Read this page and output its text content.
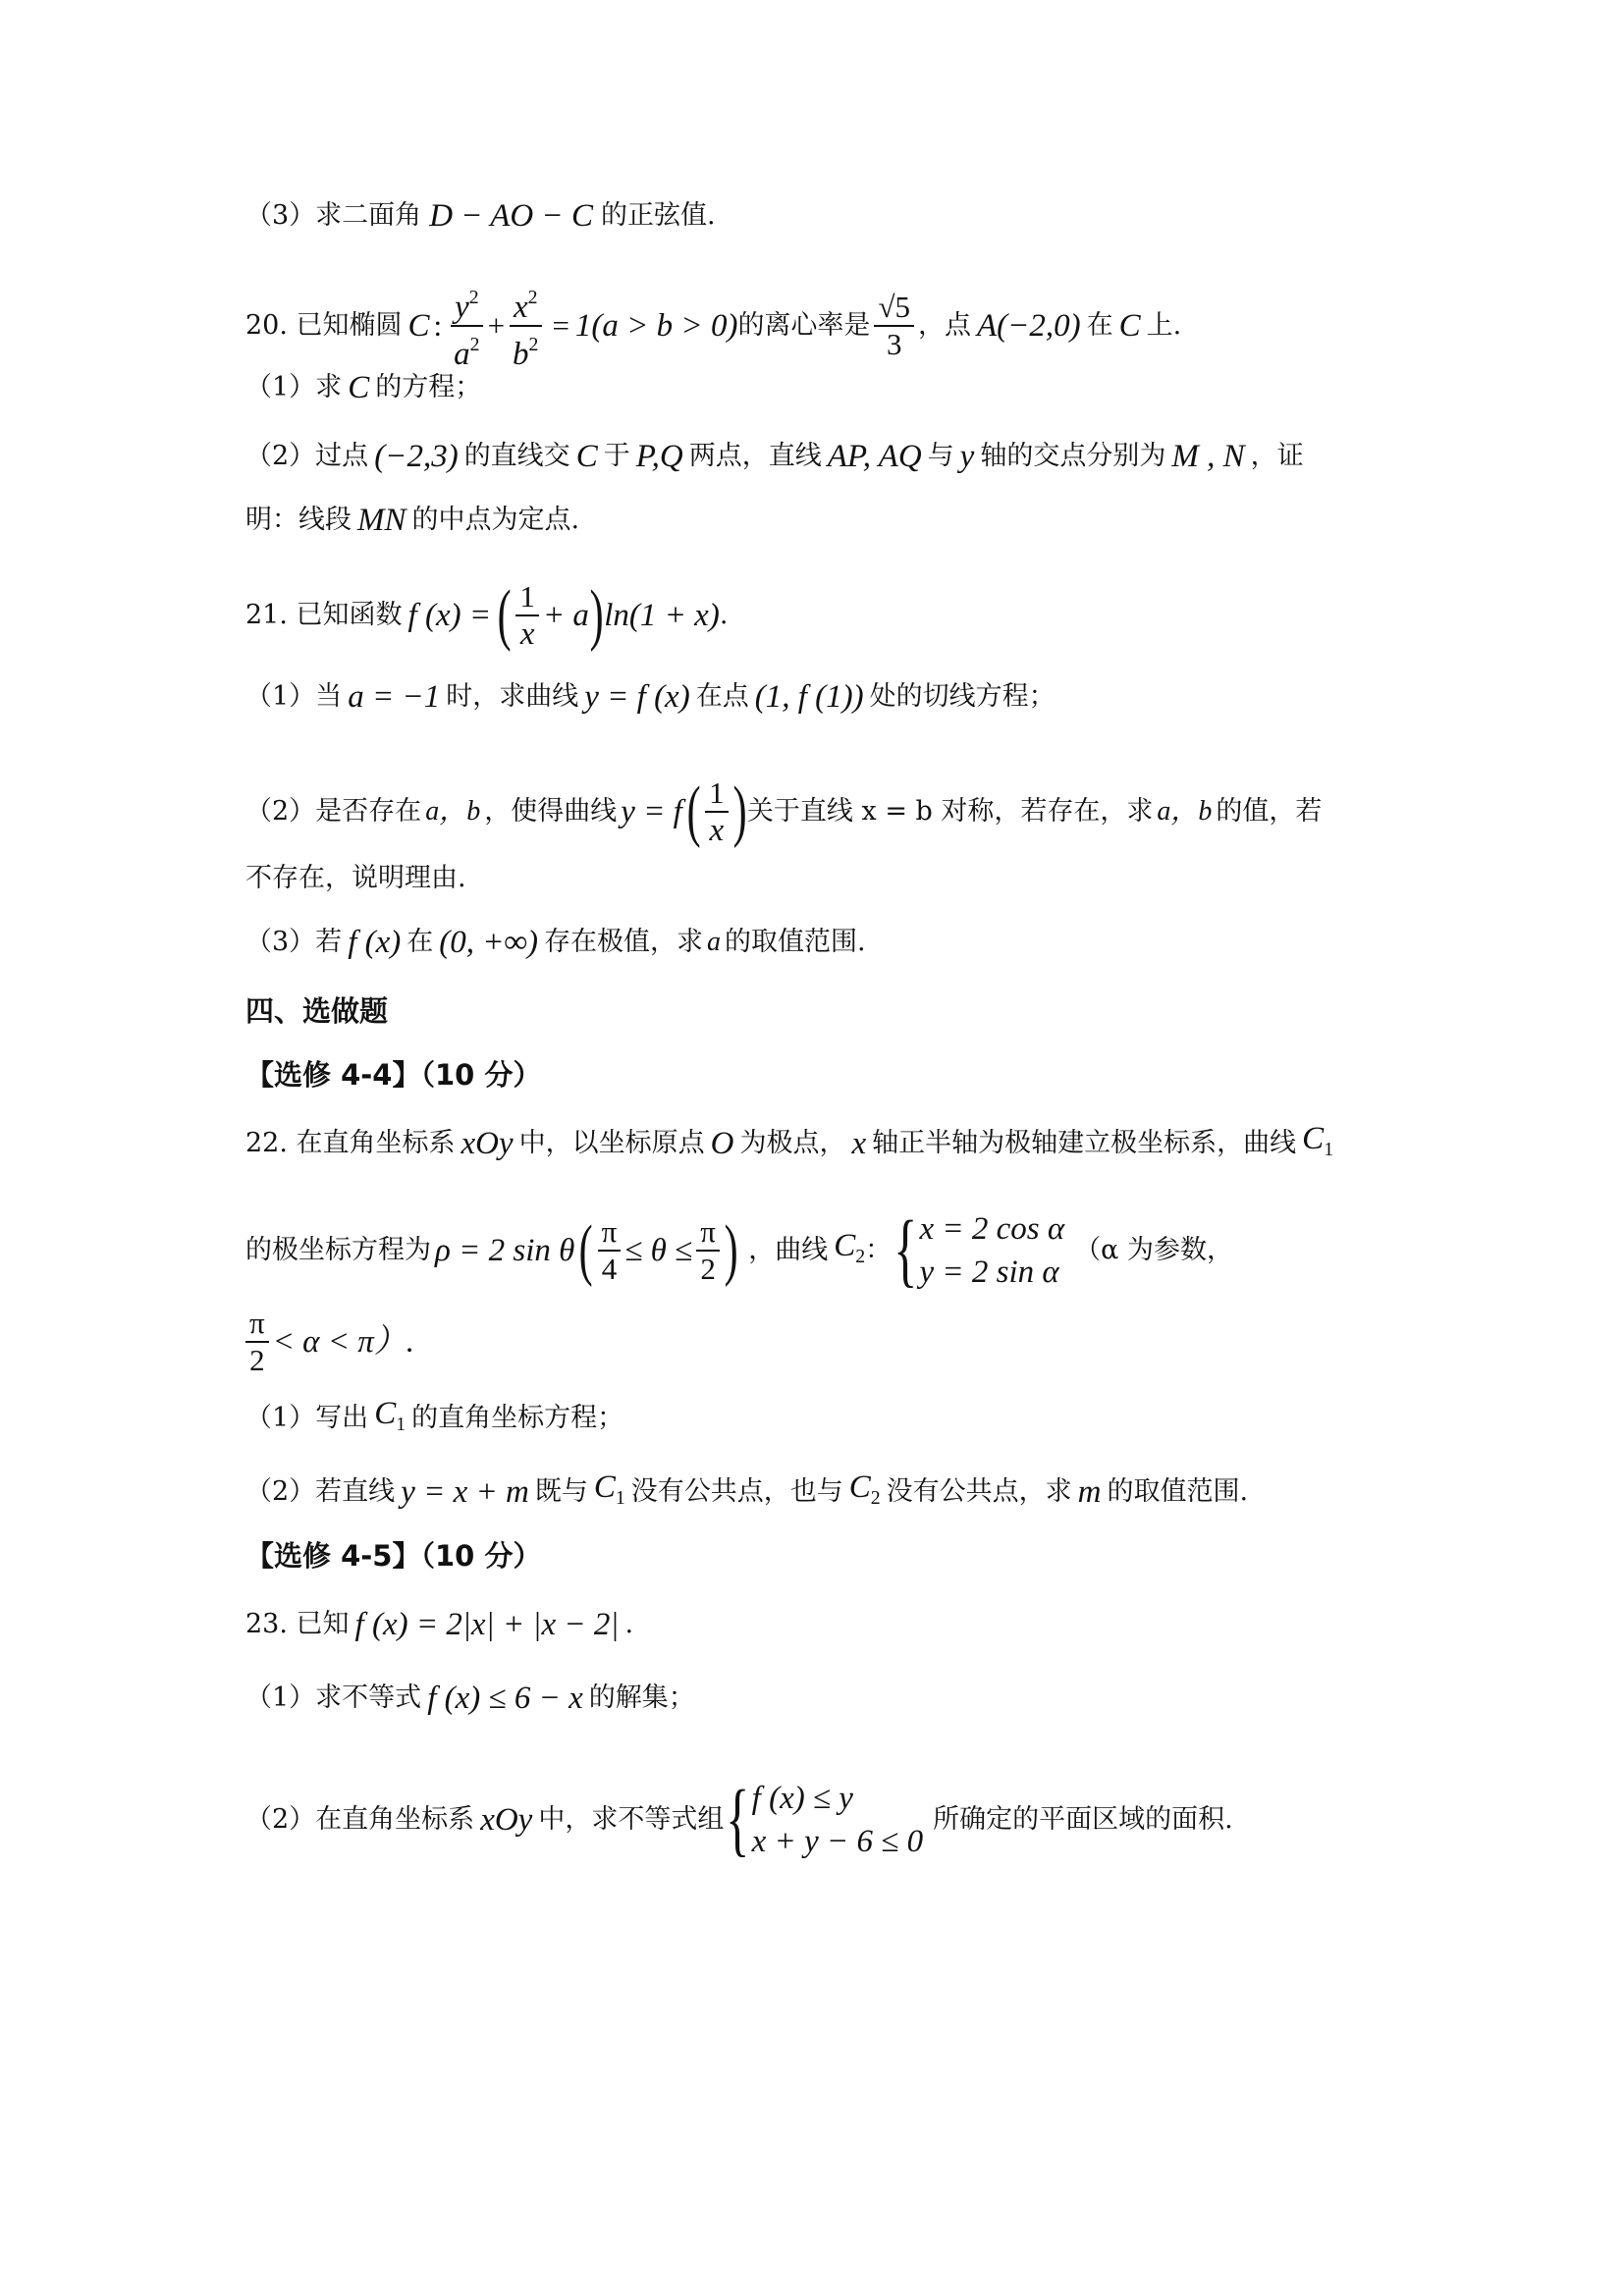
（3）求二面角 D − AO − C 的正弦值.
20. 已知椭圆 C : $\frac{y^2}{a^2} + \frac{x^2}{b^2} = 1(a > b > 0)$ 的离心率是 $\frac{√5}{3}$ ，点 A(−2,0) 在 C 上.
（1）求 C 的方程；
（2）过点 (−2,3) 的直线交 C 于 P,Q 两点，直线 AP, AQ 与 y 轴的交点分别为 M , N ，证
明：线段 MN 的中点为定点.
21. 已知函数 f (x) = ( $\frac{1}{x} + a$ ) ln(1 + x) .
（1）当 a = −1 时，求曲线 y = f (x) 在点 (1, f (1)) 处的切线方程；
（2）是否存在 a，b ，使得曲线 y = f ( $\frac{1}{x}$ ) 关于直线 x = b 对称，若存在，求 a，b 的值，若
不存在，说明理由.
（3）若 f (x) 在 (0, +∞) 存在极值，求 a 的取值范围.
四、选做题
【选修 4-4】（10 分）
22. 在直角坐标系 xOy 中，以坐标原点 O 为极点， x 轴正半轴为极轴建立极坐标系，曲线 $C_1$
的极坐标方程为 ρ = 2 sin θ ( $\frac{\pi}{4} \le \theta \le \frac{\pi}{2}$ ) ，曲线 $C_2$ ： { x = 2 cos α
y = 2 sin α
（α 为参数，
$\frac{\pi}{2} < \alpha < \pi$）.
（1）写出 $C_1$ 的直角坐标方程；
（2）若直线 y = x + m 既与 $C_1$ 没有公共点，也与 $C_2$ 没有公共点，求 m 的取值范围.
【选修 4-5】（10 分）
23. 已知 f (x) = 2|x| + |x − 2| .
（1）求不等式 f (x) ≤ 6 − x 的解集；
（2）在直角坐标系 xOy 中，求不等式组 { f (x) ≤ y
x + y − 6 ≤ 0
所确定的平面区域的面积.
